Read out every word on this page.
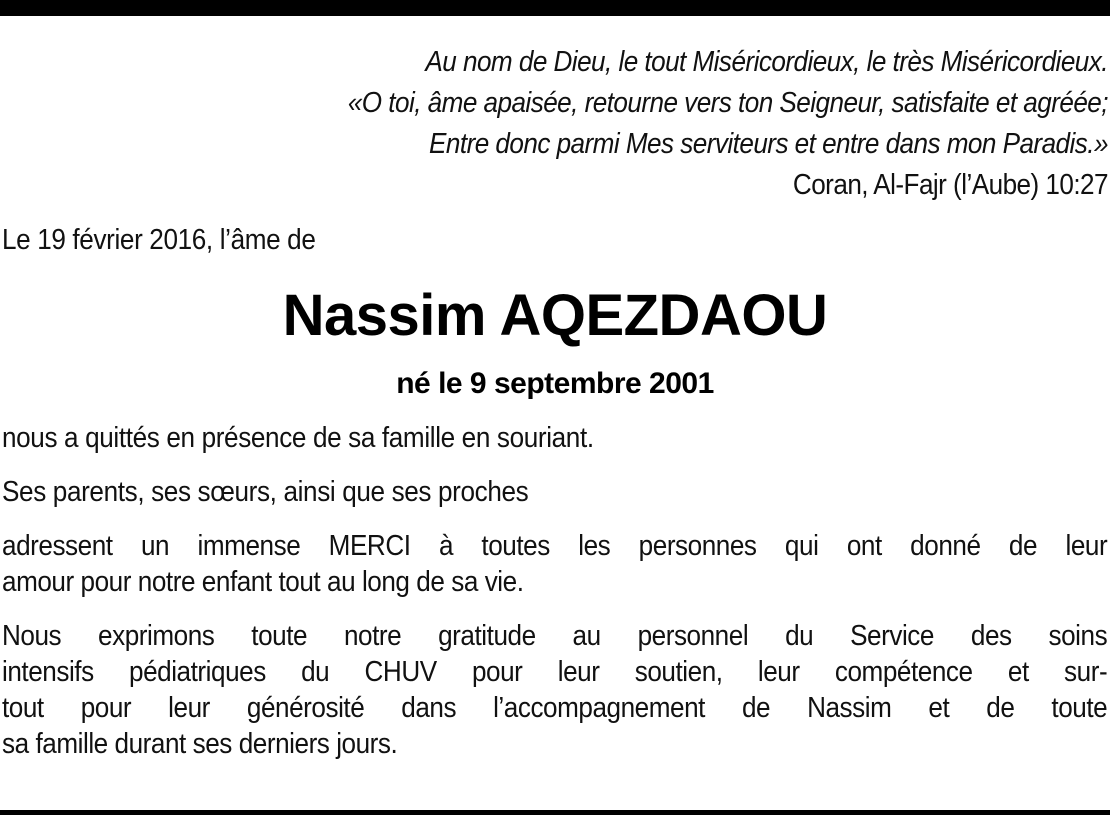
Au nom de Dieu, le tout Miséricordieux, le très Miséricordieux.
«O toi, âme apaisée, retourne vers ton Seigneur, satisfaite et agréée;
Entre donc parmi Mes serviteurs et entre dans mon Paradis.»
Coran, Al-Fajr (l’Aube) 10:27
Le 19 février 2016, l’âme de
Nassim AQEZDAOU
né le 9 septembre 2001
nous a quittés en présence de sa famille en souriant.
Ses parents, ses sœurs, ainsi que ses proches
adressent un immense MERCI à toutes les personnes qui ont donné de leur
amour pour notre enfant tout au long de sa vie.
Nous exprimons toute notre gratitude au personnel du Service des soins
intensifs pédiatriques du CHUV pour leur soutien, leur compétence et sur-
tout pour leur générosité dans l’accompagnement de Nassim et de toute
sa famille durant ses derniers jours.
